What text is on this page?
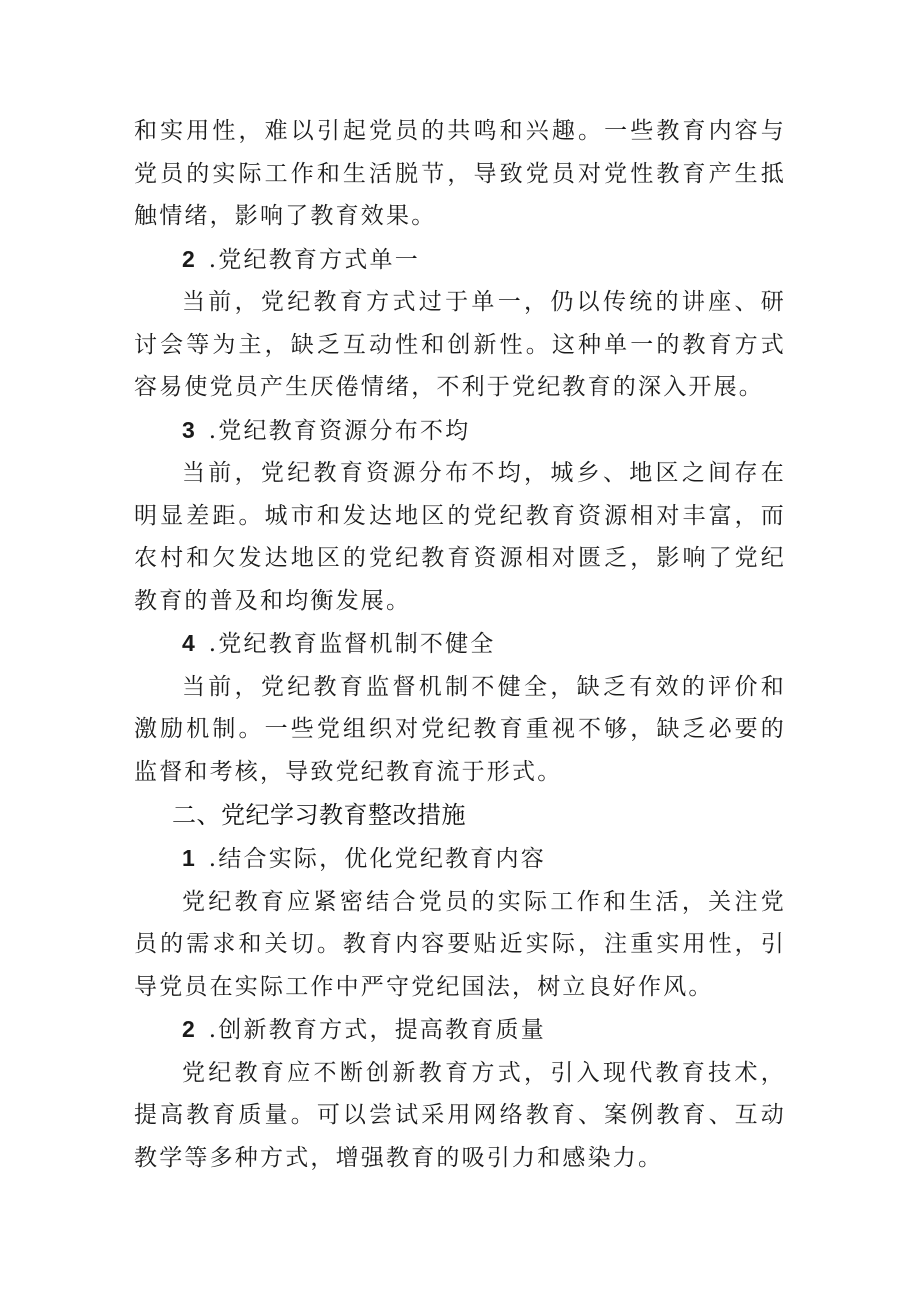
和实用性，难以引起党员的共鸣和兴趣。一些教育内容与党员的实际工作和生活脱节，导致党员对党性教育产生抵触情绪，影响了教育效果。

2 .党纪教育方式单一

当前，党纪教育方式过于单一，仍以传统的讲座、研讨会等为主，缺乏互动性和创新性。这种单一的教育方式容易使党员产生厌倦情绪，不利于党纪教育的深入开展。

3 .党纪教育资源分布不均

当前，党纪教育资源分布不均，城乡、地区之间存在明显差距。城市和发达地区的党纪教育资源相对丰富，而农村和欠发达地区的党纪教育资源相对匮乏，影响了党纪教育的普及和均衡发展。

4 .党纪教育监督机制不健全

当前，党纪教育监督机制不健全，缺乏有效的评价和激励机制。一些党组织对党纪教育重视不够，缺乏必要的监督和考核，导致党纪教育流于形式。

二、党纪学习教育整改措施

1 .结合实际，优化党纪教育内容

党纪教育应紧密结合党员的实际工作和生活，关注党员的需求和关切。教育内容要贴近实际，注重实用性，引导党员在实际工作中严守党纪国法，树立良好作风。

2 .创新教育方式，提高教育质量

党纪教育应不断创新教育方式，引入现代教育技术，提高教育质量。可以尝试采用网络教育、案例教育、互动教学等多种方式，增强教育的吸引力和感染力。
